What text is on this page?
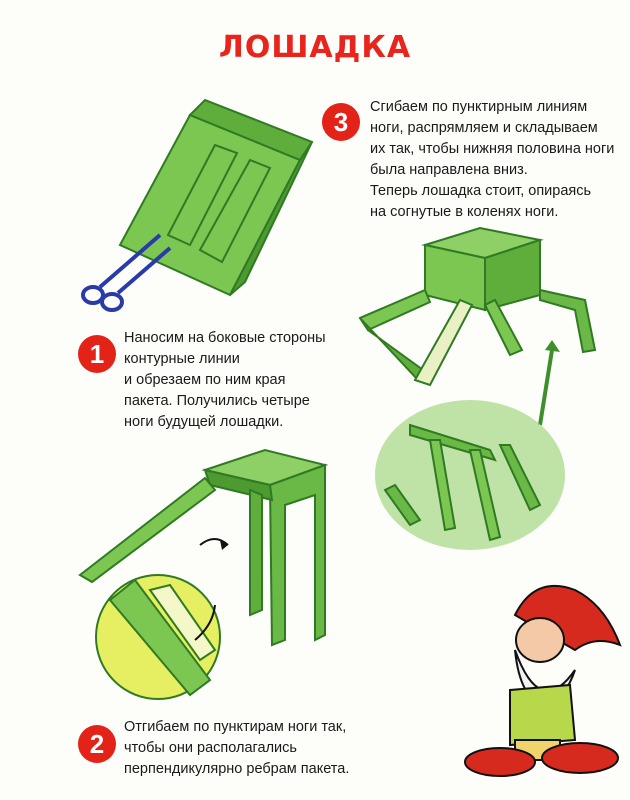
ЛОШАДКА
3	Сгибаем по пунктирным линиям
ноги, распрямляем и складываем
их так, чтобы нижняя половина ноги
была направлена вниз.
Теперь лошадка стоит, опираясь
на согнутые в коленях ноги.
1
Наносим на боковые стороны
контурные линии
и обрезаем по ним края
пакета. Получились четыре
ноги будущей лошадки.
2
Отгибаем по пунктирам ноги так,
чтобы они располагались
перпендикулярно ребрам пакета.
